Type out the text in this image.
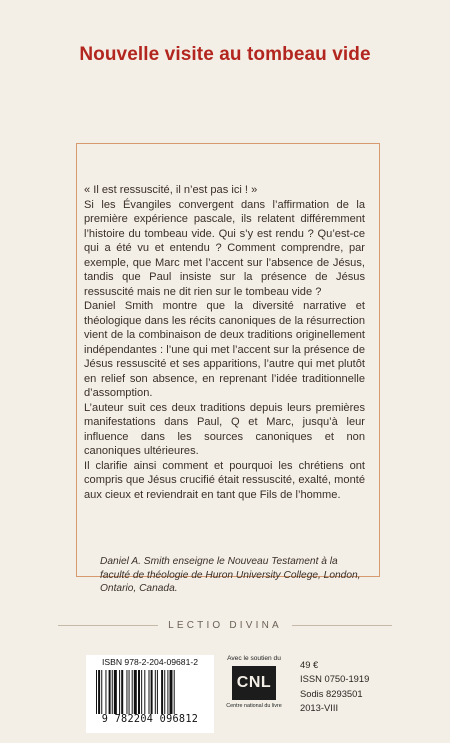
Nouvelle visite au tombeau vide

« Il est ressuscité, il n’est pas ici ! »

Si les Évangiles convergent dans l’affirmation de la première expérience pascale, ils relatent différemment l’histoire du tombeau vide. Qui s’y est rendu ? Qu’est-ce qui a été vu et entendu ? Comment comprendre, par exemple, que Marc met l’accent sur l’absence de Jésus, tandis que Paul insiste sur la présence de Jésus ressuscité mais ne dit rien sur le tombeau vide ?

Daniel Smith montre que la diversité narrative et théologique dans les récits canoniques de la résurrection vient de la combinaison de deux traditions originellement indépendantes : l’une qui met l’accent sur la présence de Jésus ressuscité et ses apparitions, l’autre qui met plutôt en relief son absence, en reprenant l’idée traditionnelle d’assomption.

L’auteur suit ces deux traditions depuis leurs premières manifestations dans Paul, Q et Marc, jusqu’à leur influence dans les sources canoniques et non canoniques ultérieures.

Il clarifie ainsi comment et pourquoi les chrétiens ont compris que Jésus crucifié était ressuscité, exalté, monté aux cieux et reviendrait en tant que Fils de l’homme.

Daniel A. Smith enseigne le Nouveau Testament à la faculté de théologie de Huron University College, London, Ontario, Canada.
LECTIO DIVINA
ISBN 978-2-204-09681-2
9 782204 096812
Avec le soutien du
CNL
Centre national du livre
49 €
ISSN 0750-1919
Sodis 8293501
2013-VIII
